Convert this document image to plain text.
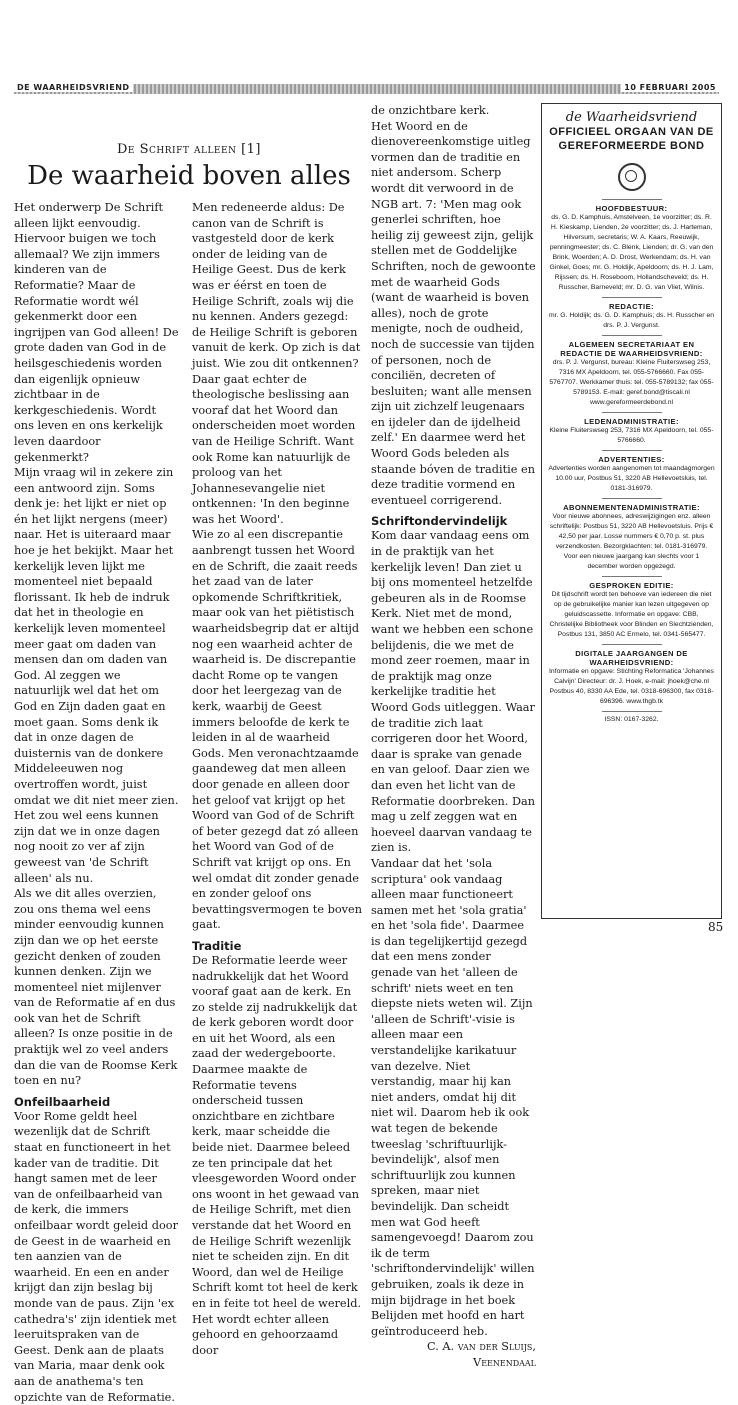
DE WAARHEIDSVRIEND	10 FEBRUARI 2005
De Schrift alleen [1]
De waarheid boven alles

Het onderwerp De Schrift alleen lijkt eenvoudig. Hiervoor buigen we toch allemaal? We zijn immers kinderen van de Reformatie? Maar de Reformatie wordt wél gekenmerkt door een ingrijpen van God alleen! De grote daden van God in de heilsgeschiedenis worden dan eigenlijk opnieuw zichtbaar in de kerkgeschiedenis. Wordt ons leven en ons kerkelijk leven daardoor gekenmerkt?

Mijn vraag wil in zekere zin een antwoord zijn. Soms denk je: het lijkt er niet op én het lijkt nergens (meer) naar. Het is uiteraard maar hoe je het bekijkt. Maar het kerkelijk leven lijkt me momenteel niet bepaald florissant. Ik heb de indruk dat het in theologie en kerkelijk leven momenteel meer gaat om daden van mensen dan om daden van God. Al zeggen we natuurlijk wel dat het om God en Zijn daden gaat en moet gaan. Soms denk ik dat in onze dagen de duisternis van de donkere Middeleeuwen nog overtroffen wordt, juist omdat we dit niet meer zien. Het zou wel eens kunnen zijn dat we in onze dagen nog nooit zo ver af zijn geweest van 'de Schrift alleen' als nu.

Als we dit alles overzien, zou ons thema wel eens minder eenvoudig kunnen zijn dan we op het eerste gezicht denken of zouden kunnen denken. Zijn we momenteel niet mijlenver van de Reformatie af en dus ook van het de Schrift alleen? Is onze positie in de praktijk wel zo veel anders dan die van de Roomse Kerk toen en nu?

Onfeilbaarheid

Voor Rome geldt heel wezenlijk dat de Schrift staat en functioneert in het kader van de traditie. Dit hangt samen met de leer van de onfeilbaarheid van de kerk, die immers onfeilbaar wordt geleid door de Geest in de waarheid en ten aanzien van de waarheid. En een en ander krijgt dan zijn beslag bij monde van de paus. Zijn 'ex cathedra's' zijn identiek met leeruitspraken van de Geest. Denk aan de plaats van Maria, maar denk ook aan de anathema's ten opzichte van de Reformatie.

Men redeneerde aldus: De canon van de Schrift is vastgesteld door de kerk onder de leiding van de Heilige Geest. Dus de kerk was er éérst en toen de Heilige Schrift, zoals wij die nu kennen. Anders gezegd: de Heilige Schrift is geboren vanuit de kerk. Op zich is dat juist. Wie zou dit ontkennen? Daar gaat echter de theologische beslissing aan vooraf dat het Woord dan onderscheiden moet worden van de Heilige Schrift. Want ook Rome kan natuurlijk de proloog van het Johannesevangelie niet ontkennen: 'In den beginne was het Woord'.

Wie zo al een discrepantie aanbrengt tussen het Woord en de Schrift, die zaait reeds het zaad van de later opkomende Schriftkritiek, maar ook van het piëtistisch waarheidsbegrip dat er altijd nog een waarheid achter de waarheid is. De discrepantie dacht Rome op te vangen door het leergezag van de kerk, waarbij de Geest immers beloofde de kerk te leiden in al de waarheid Gods. Men veronachtzaamde gaandeweg dat men alleen door genade en alleen door het geloof vat krijgt op het Woord van God of de Schrift of beter gezegd dat zó alleen het Woord van God of de Schrift vat krijgt op ons. En wel omdat dit zonder genade en zonder geloof ons bevattingsvermogen te boven gaat.

Traditie

De Reformatie leerde weer nadrukkelijk dat het Woord vooraf gaat aan de kerk. En zo stelde zij nadrukkelijk dat de kerk geboren wordt door en uit het Woord, als een zaad der wedergeboorte. Daarmee maakte de Reformatie tevens onderscheid tussen onzichtbare en zichtbare kerk, maar scheidde die beide niet. Daarmee beleed ze ten principale dat het vleesgeworden Woord onder ons woont in het gewaad van de Heilige Schrift, met dien verstande dat het Woord en de Heilige Schrift wezenlijk niet te scheiden zijn. En dit Woord, dan wel de Heilige Schrift komt tot heel de kerk en in feite tot heel de wereld. Het wordt echter alleen gehoord en gehoorzaamd door

de onzichtbare kerk.

Het Woord en de dienovereenkomstige uitleg vormen dan de traditie en niet andersom. Scherp wordt dit verwoord in de NGB art. 7: 'Men mag ook generlei schriften, hoe heilig zij geweest zijn, gelijk stellen met de Goddelijke Schriften, noch de gewoonte met de waarheid Gods (want de waarheid is boven alles), noch de grote menigte, noch de oudheid, noch de successie van tijden of personen, noch de conciliën, decreten of besluiten; want alle mensen zijn uit zichzelf leugenaars en ijdeler dan de ijdelheid zelf.' En daarmee werd het Woord Gods beleden als staande bóven de traditie en deze traditie vormend en eventueel corrigerend.

Schriftondervindelijk

Kom daar vandaag eens om in de praktijk van het kerkelijk leven! Dan ziet u bij ons momenteel hetzelfde gebeuren als in de Roomse Kerk. Niet met de mond, want we hebben een schone belijdenis, die we met de mond zeer roemen, maar in de praktijk mag onze kerkelijke traditie het Woord Gods uitleggen. Waar de traditie zich laat corrigeren door het Woord, daar is sprake van genade en van geloof. Daar zien we dan even het licht van de Reformatie doorbreken. Dan mag u zelf zeggen wat en hoeveel daarvan vandaag te zien is.

Vandaar dat het 'sola scriptura' ook vandaag alleen maar functioneert samen met het 'sola gratia' en het 'sola fide'. Daarmee is dan tegelijkertijd gezegd dat een mens zonder genade van het 'alleen de schrift' niets weet en ten diepste niets weten wil. Zijn 'alleen de Schrift'-visie is alleen maar een verstandelijke karikatuur van dezelve. Niet verstandig, maar hij kan niet anders, omdat hij dit niet wil. Daarom heb ik ook wat tegen de bekende tweeslag 'schriftuurlijk-bevindelijk', alsof men schriftuurlijk zou kunnen spreken, maar niet bevindelijk. Dan scheidt men wat God heeft samengevoegd! Daarom zou ik de term 'schriftondervindelijk' willen gebruiken, zoals ik deze in mijn bijdrage in het boek Belijden met hoofd en hart geïntroduceerd heb.

C. A. van der Sluijs, Veenendaal

de Waarheidsvriend
OFFICIEEL ORGAAN VAN DE
GEREFORMEERDE BOND
HOOFDBESTUUR:
ds. G. D. Kamphuis, Amstelveen, 1e voorzitter; ds. R. H. Kieskamp, Lienden, 2e voorzitter; ds. J. Harteman, Hilversum, secretaris; W. A. Kaars, Reeuwijk, penningmeester; ds. C. Blenk, Lienden; dr. G. van den Brink, Woerden; A. D. Drost, Werkendam; ds. H. van Ginkel, Goes; mr. G. Holdijk, Apeldoorn; ds. H. J. Lam, Rijssen; ds. H. Roseboom, Hollandscheveld; ds. H. Russcher, Barneveld; mr. D. G. van Vliet, Wilnis.
REDACTIE:
mr. G. Holdijk; ds. G. D. Kamphuis; ds. H. Russcher en drs. P. J. Vergunst.
ALGEMEEN SECRETARIAAT EN REDACTIE DE WAARHEIDSVRIEND:
drs. P. J. Vergunst, bureau: Kleine Fluiterswseg 253, 7316 MX Apeldoorn, tel. 055-5766660. Fax 055-5767707. Werkkamer thuis: tel. 055-5789132; fax 055-5789153. E-mail: geref.bond@tiscali.nl www.gereformeerdebond.nl
LEDENADMINISTRATIE:
Kleine Fluiterswseg 253, 7316 MX Apeldoorn, tel. 055-5766660.
ADVERTENTIES:
Advertenties worden aangenomen tot maandagmorgen 10.00 uur, Postbus 51, 3220 AB Hellevoetsluis, tel. 0181-316979.
ABONNEMENTENADMINISTRATIE:
Voor nieuwe abonnees, adreswijzigingen enz. alleen schriftelijk: Postbus 51, 3220 AB Hellevoetsluis. Prijs € 42,50 per jaar. Losse nummers € 0,70 p. st. plus verzendkosten. Bezorgklachten: tel. 0181-316979. Voor een nieuwe jaargang kan slechts voor 1 december worden opgezegd.
GESPROKEN EDITIE:
Dit tijdschrift wordt ten behoeve van iedereen die niet op de gebruikelijke manier kan lezen uitgegeven op geluidscassette. Informatie en opgave: CBB, Christelijke Bibliotheek voor Blinden en Slechtzienden, Postbus 131, 3850 AC Ermelo, tel. 0341-565477.
DIGITALE JAARGANGEN DE WAARHEIDSVRIEND:
Informatie en opgave: Stichting Reformatica 'Johannes Calvijn' Directeur: dr. J. Hoek, e-mail: jhoek@che.nl Postbus 40, 8330 AA Ede, tel. 0318-696300, fax 0318-696396. www.thgb.tk
ISSN: 0167-3262.
85
